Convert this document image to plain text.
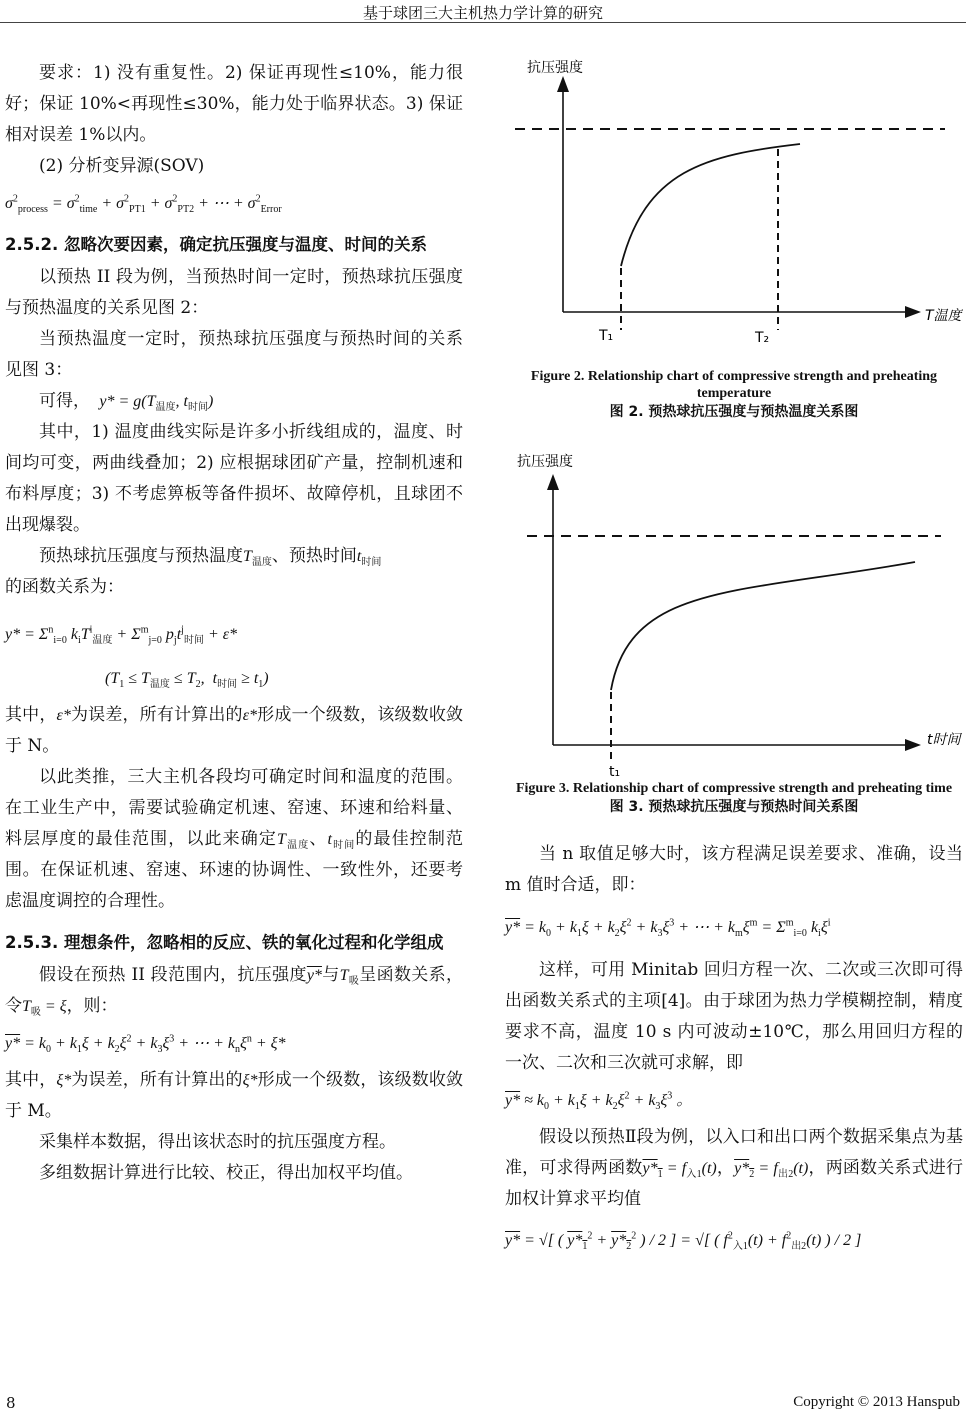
基于球团三大主机热力学计算的研究

要求：1) 没有重复性。2) 保证再现性≤10%，能力很好；保证 10%<再现性≤30%，能力处于临界状态。3) 保证相对误差 1%以内。

(2) 分析变异源(SOV)

$\sigma^2_{process} = \sigma^2_{time} + \sigma^2_{PT1} + \sigma^2_{PT2}$ + ⋯ + $\sigma^2_{Error}$

2.5.2. 忽略次要因素，确定抗压强度与温度、时间的关系

以预热 II 段为例，当预热时间一定时，预热球抗压强度与预热温度的关系见图 2：

当预热温度一定时，预热球抗压强度与预热时间的关系见图 3：

可得，  $y* = g(T_{温度}$, $t_{时间}$)

其中，1) 温度曲线实际是许多小折线组成的，温度、时间均可变，两曲线叠加；2) 应根据球团矿产量，控制机速和布料厚度；3) 不考虑箅板等备件损坏、故障停机，且球团不出现爆裂。

预热球抗压强度与预热温度$T_{温度}$、预热时间$t_{时间}$
的函数关系为：

$y* = \Sigma^n_{i=0}$ $k_iT^i_{温度} + \Sigma^m_{j=0}$ $p_jt^j_{时间} + \varepsilon*$

($T_1 \le T_{温度} \le T_2$,  $t_{时间} \ge t_1$)

其中，ε*为误差，所有计算出的ε*形成一个级数，该级数收敛于 N。

以此类推，三大主机各段均可确定时间和温度的范围。在工业生产中，需要试验确定机速、窑速、环速和给料量、料层厚度的最佳范围，以此来确定$T_{温度}$、$t_{时间}$的最佳控制范围。在保证机速、窑速、环速的协调性、一致性外，还要考虑温度调控的合理性。

2.5.3. 理想条件，忽略相的反应、铁的氧化过程和化学组成

假设在预热 II 段范围内，抗压强度y*与$T_吸$呈函数关系，令$T_吸 = \xi$，则：

$y* = k_0 + k_1\xi + k_2\xi^2 + k_3\xi^3$ + ⋯ + $k_n\xi^n + \xi*$

其中，ξ*为误差，所有计算出的ξ*形成一个级数，该级数收敛于 M。

采集样本数据，得出该状态时的抗压强度方程。

多组数据计算进行比较、校正，得出加权平均值。

抗压强度
T₁	T₂
T温度
Figure 2. Relationship chart of compressive strength and preheating temperature
图 2. 预热球抗压强度与预热温度关系图
抗压强度
t₁
t时间
Figure 3. Relationship chart of compressive strength and preheating time
图 3. 预热球抗压强度与预热时间关系图

当 n 取值足够大时，该方程满足误差要求、准确，设当 m 值时合适，即：

$y* = k_0 + k_1\xi + k_2\xi^2 + k_3\xi^3$ + ⋯ + $k_m\xi^m = \Sigma^m_{i=0}$ $k_i\xi^i$

这样，可用 Minitab 回归方程一次、二次或三次即可得出函数关系式的主项[4]。由于球团为热力学模糊控制，精度要求不高，温度 10 s 内可波动±10℃，那么用回归方程的一次、二次和三次就可求解，即

$y* \approx k_0 + k_1\xi + k_2\xi^2 + k_3\xi^3$ 。

假设以预热Ⅱ段为例，以入口和出口两个数据采集点为基准，可求得两函数$y*_1 = f_{入1}(t)$，$y*_2 = f_{出2}(t)$，两函数关系式进行加权计算求平均值

y* = √[ ( $y*_1^2 + y*_2^2$ ) / 2 ] = √[ ( $f^2_{入1}(t) + f^2_{出2}(t)$ ) / 2 ]

8	Copyright © 2013 Hanspub
